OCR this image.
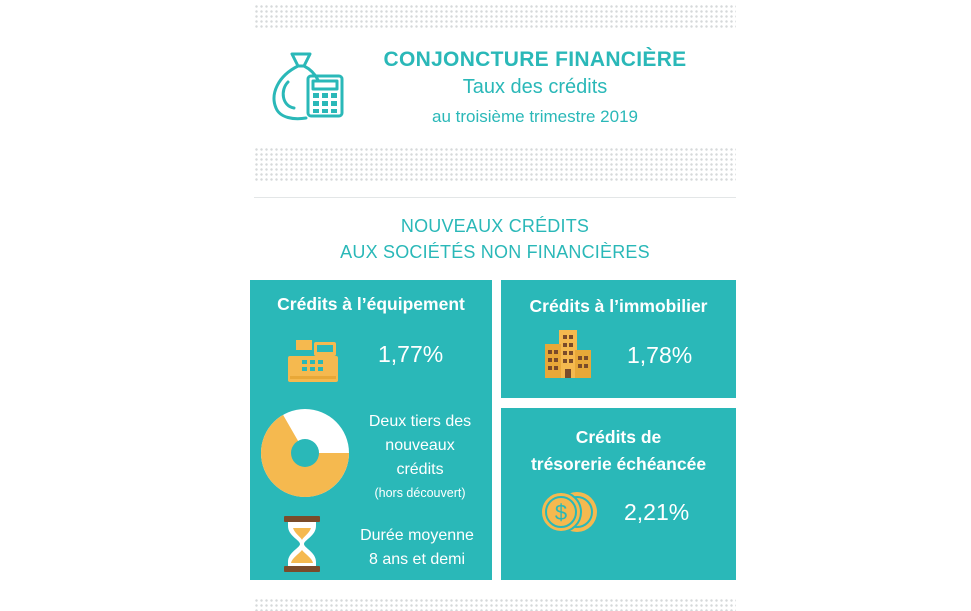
CONJONCTURE FINANCIÈRE
Taux des crédits
au troisième trimestre 2019
NOUVEAUX CRÉDITS
AUX SOCIÉTÉS NON FINANCIÈRES
Crédits à l’équipement
1,77%
Deux tiers des
nouveaux
crédits
(hors découvert)
Durée moyenne
8 ans et demi
Crédits à l’immobilier
1,78%
Crédits de
trésorerie échéancée
$ 2,21%
